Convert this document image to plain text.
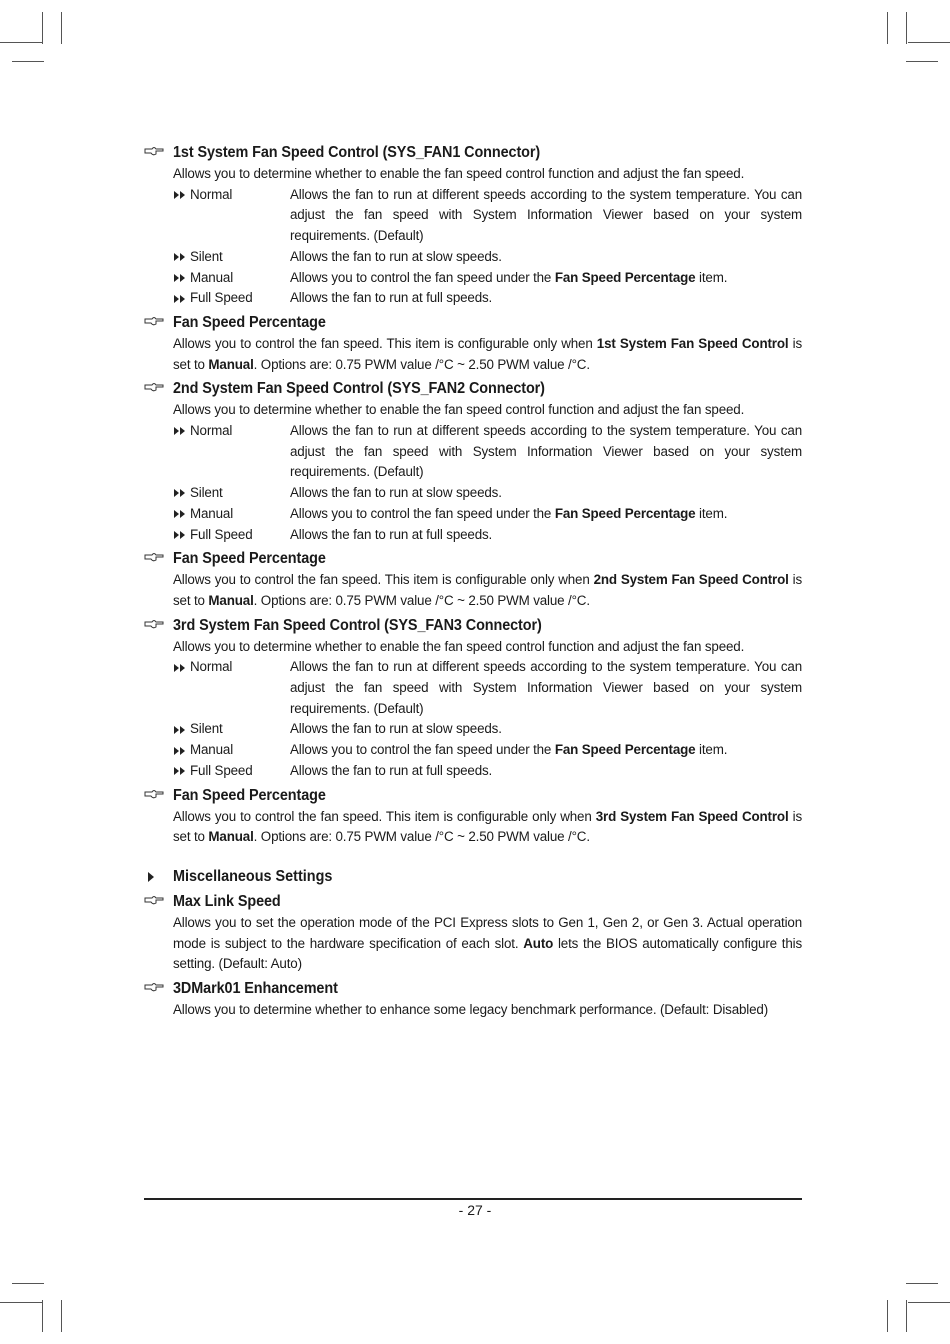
1st System Fan Speed Control (SYS_FAN1 Connector)
Allows you to determine whether to enable the fan speed control function and adjust the fan speed.
Normal	Allows the fan to run at different speeds according to the system temperature. You can adjust the fan speed with System Information Viewer based on your system requirements. (Default)
Silent	Allows the fan to run at slow speeds.
Manual	Allows you to control the fan speed under the Fan Speed Percentage item.
Full Speed	Allows the fan to run at full speeds.
Fan Speed Percentage
Allows you to control the fan speed. This item is configurable only when 1st System Fan Speed Control is set to Manual. Options are: 0.75 PWM value /°C ~ 2.50 PWM value /°C.
2nd System Fan Speed Control (SYS_FAN2 Connector)
Allows you to determine whether to enable the fan speed control function and adjust the fan speed.
Normal	Allows the fan to run at different speeds according to the system temperature. You can adjust the fan speed with System Information Viewer based on your system requirements. (Default)
Silent	Allows the fan to run at slow speeds.
Manual	Allows you to control the fan speed under the Fan Speed Percentage item.
Full Speed	Allows the fan to run at full speeds.
Fan Speed Percentage
Allows you to control the fan speed. This item is configurable only when 2nd System Fan Speed Control is set to Manual. Options are: 0.75 PWM value /°C ~ 2.50 PWM value /°C.
3rd System Fan Speed Control (SYS_FAN3 Connector)
Allows you to determine whether to enable the fan speed control function and adjust the fan speed.
Normal	Allows the fan to run at different speeds according to the system temperature. You can adjust the fan speed with System Information Viewer based on your system requirements. (Default)
Silent	Allows the fan to run at slow speeds.
Manual	Allows you to control the fan speed under the Fan Speed Percentage item.
Full Speed	Allows the fan to run at full speeds.
Fan Speed Percentage
Allows you to control the fan speed. This item is configurable only when 3rd System Fan Speed Control is set to Manual. Options are: 0.75 PWM value /°C ~ 2.50 PWM value /°C.
Miscellaneous Settings
Max Link Speed
Allows you to set the operation mode of the PCI Express slots to Gen 1, Gen 2, or Gen 3. Actual operation mode is subject to the hardware specification of each slot. Auto lets the BIOS automatically configure this setting. (Default: Auto)
3DMark01 Enhancement
Allows you to determine whether to enhance some legacy benchmark performance. (Default: Disabled)
- 27 -
